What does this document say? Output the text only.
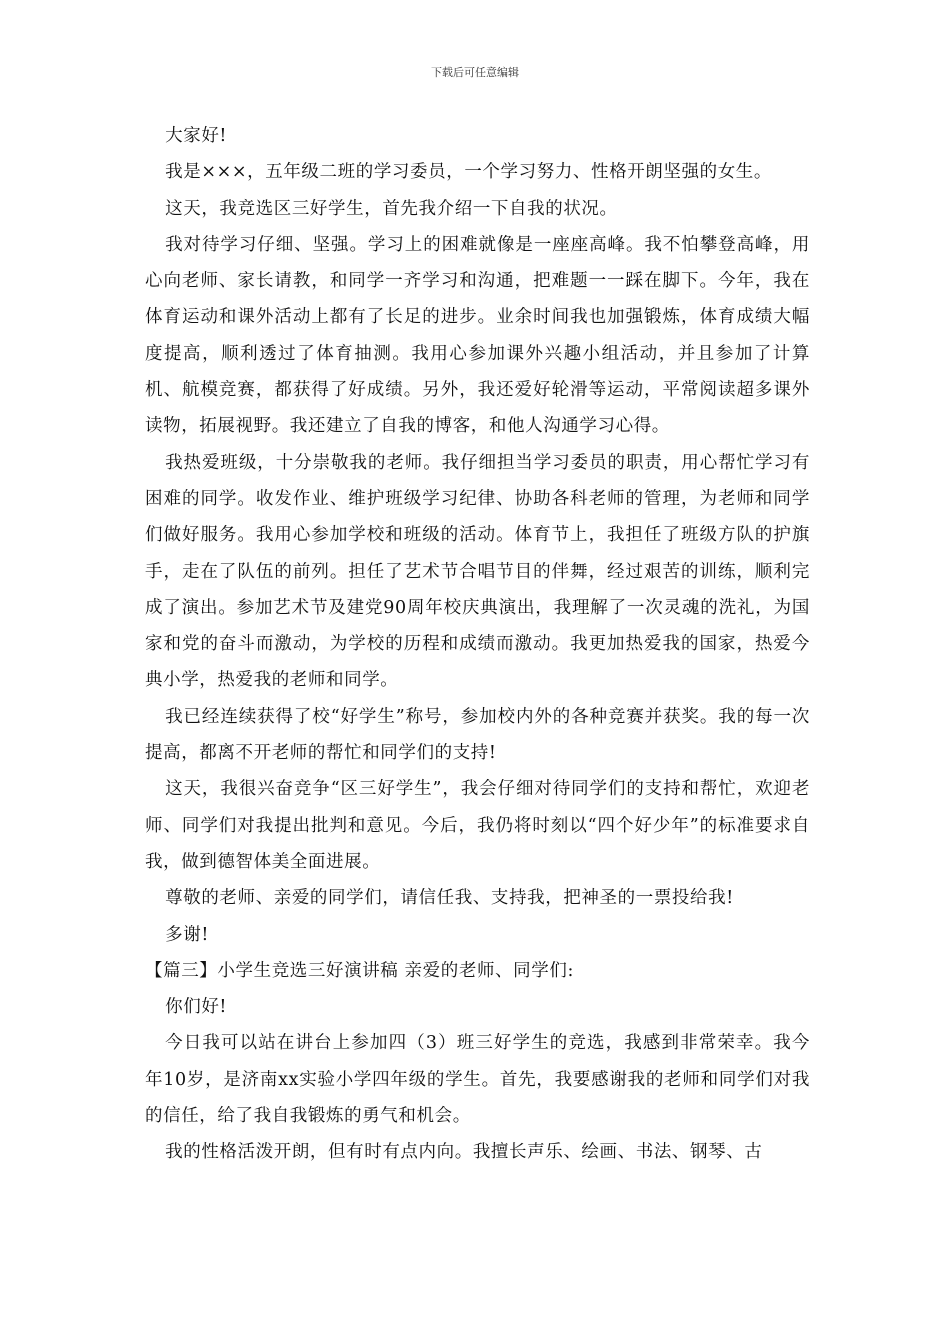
下载后可任意编辑

大家好!

我是×××，五年级二班的学习委员，一个学习努力、性格开朗坚强的女生。

这天，我竞选区三好学生，首先我介绍一下自我的状况。

我对待学习仔细、坚强。学习上的困难就像是一座座高峰。我不怕攀登高峰，用心向老师、家长请教，和同学一齐学习和沟通，把难题一一踩在脚下。今年，我在体育运动和课外活动上都有了长足的进步。业余时间我也加强锻炼，体育成绩大幅度提高，顺利透过了体育抽测。我用心参加课外兴趣小组活动，并且参加了计算机、航模竞赛，都获得了好成绩。另外，我还爱好轮滑等运动，平常阅读超多课外读物，拓展视野。我还建立了自我的博客，和他人沟通学习心得。

我热爱班级，十分崇敬我的老师。我仔细担当学习委员的职责，用心帮忙学习有困难的同学。收发作业、维护班级学习纪律、协助各科老师的管理，为老师和同学们做好服务。我用心参加学校和班级的活动。体育节上，我担任了班级方队的护旗手，走在了队伍的前列。担任了艺术节合唱节目的伴舞，经过艰苦的训练，顺利完成了演出。参加艺术节及建党90周年校庆典演出，我理解了一次灵魂的洗礼，为国家和党的奋斗而激动，为学校的历程和成绩而激动。我更加热爱我的国家，热爱今典小学，热爱我的老师和同学。

我已经连续获得了校“好学生”称号，参加校内外的各种竞赛并获奖。我的每一次提高，都离不开老师的帮忙和同学们的支持!

这天，我很兴奋竞争“区三好学生”，我会仔细对待同学们的支持和帮忙，欢迎老师、同学们对我提出批判和意见。今后，我仍将时刻以“四个好少年”的标准要求自我，做到德智体美全面进展。

尊敬的老师、亲爱的同学们，请信任我、支持我，把神圣的一票投给我!

多谢!

【篇三】小学生竞选三好演讲稿 亲爱的老师、同学们:

你们好!

今日我可以站在讲台上参加四（3）班三好学生的竞选，我感到非常荣幸。我今年10岁，是济南xx实验小学四年级的学生。首先，我要感谢我的老师和同学们对我的信任，给了我自我锻炼的勇气和机会。

我的性格活泼开朗，但有时有点内向。我擅长声乐、绘画、书法、钢琴、古
